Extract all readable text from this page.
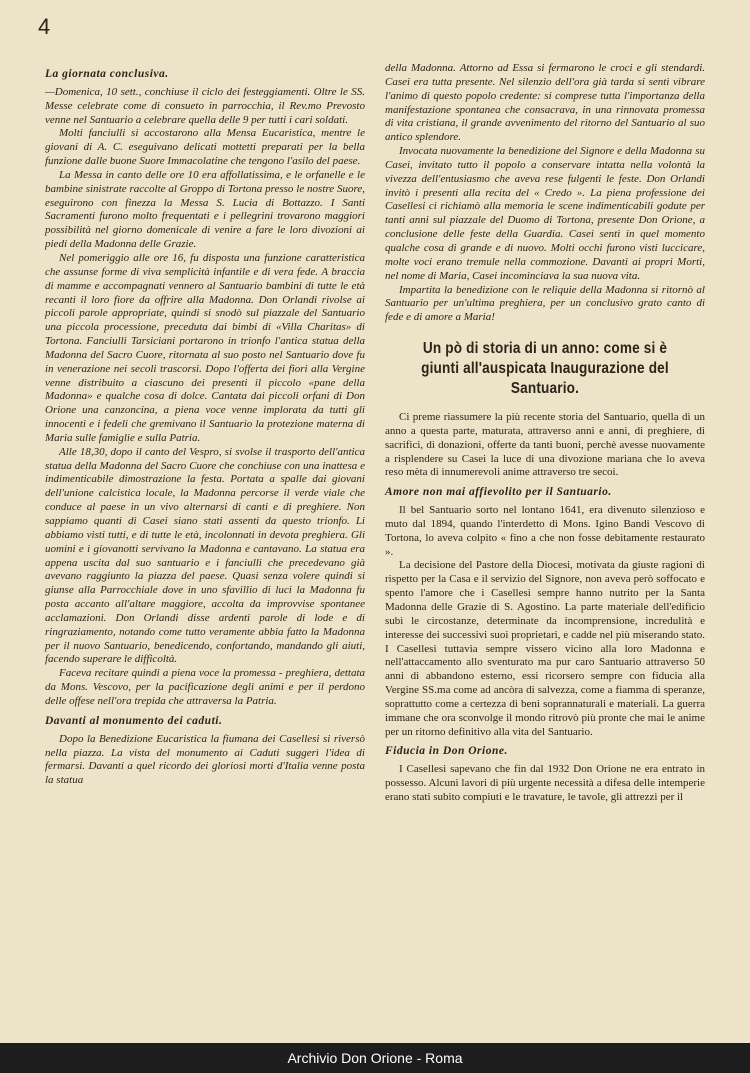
4
La giornata conclusiva.

—Domenica, 10 sett., conchiuse il ciclo dei festeggiamenti. Oltre le SS. Messe celebrate come di consueto in parrocchia, il Rev.mo Prevosto venne nel Santuario a celebrare quella delle 9 per tutti i cari soldati.

Molti fanciulli si accostarono alla Mensa Eucaristica, mentre le giovani di A. C. eseguivano delicati mottetti preparati per la bella funzione dalle buone Suore Immacolatine che tengono l'asilo del paese.

La Messa in canto delle ore 10 era affollatissima, e le orfanelle e le bambine sinistrate raccolte al Groppo di Tortona presso le nostre Suore, eseguirono con finezza la Messa S. Lucia di Bottazzo. I Santi Sacramenti furono molto frequentati e i pellegrini trovarono maggiori possibilità nel giorno domenicale di venire a fare le loro divozioni ai piedi della Madonna delle Grazie.

Nel pomeriggio alle ore 16, fu disposta una funzione caratteristica che assunse forme di viva semplicità infantile e di vera fede. A braccia di mamme e accompagnati vennero al Santuario bambini di tutte le età recanti il loro fiore da offrire alla Madonna. Don Orlandi rivolse ai piccoli parole appropriate, quindi si snodò sul piazzale del Santuario una piccola processione, preceduta dai bimbi di «Villa Charitas» di Tortona. Fanciulli Tarsiciani portarono in trionfo l'antica statua della Madonna del Sacro Cuore, ritornata al suo posto nel Santuario dove fu in venerazione nei secoli trascorsi. Dopo l'offerta dei fiori alla Vergine venne distribuito a ciascuno dei presenti il piccolo «pane della Madonna» e qualche cosa di dolce. Cantata dai piccoli orfani di Don Orione una canzoncina, a piena voce venne implorata da tutti gli innocenti e i fedeli che gremivano il Santuario la protezione materna di Maria sulle famiglie e sulla Patria.

Alle 18,30, dopo il canto del Vespro, si svolse il trasporto dell'antica statua della Madonna del Sacro Cuore che conchiuse con una inattesa e indimenticabile dimostrazione la festa. Portata a spalle dai giovani dell'unione calcistica locale, la Madonna percorse il verde viale che conduce al paese in un vivo alternarsi di canti e di preghiere. Non sappiamo quanti di Casei siano stati assenti da questo trionfo. Li abbiamo visti tutti, e di tutte le età, incolonnati in devota preghiera. Gli uomini e i giovanotti servivano la Madonna e cantavano. La statua era appena uscita dal suo santuario e i fanciulli che precedevano già avevano raggiunto la piazza del paese. Quasi senza volere quindi si giunse alla Parrocchiale dove in uno sfavillio di luci la Madonna fu posta accanto all'altare maggiore, accolta da improvvise spontanee acclamazioni. Don Orlandi disse ardenti parole di lode e di ringraziamento, notando come tutto veramente abbia fatto la Madonna per il nuovo Santuario, benedicendo, confortando, mandando gli aiuti, facendo superare le difficoltà.

Faceva recitare quindi a piena voce la promessa - preghiera, dettata da Mons. Vescovo, per la pacificazione degli animi e per il perdono delle offese nell'ora trepida che attraversa la Patria.

Davanti al monumento dei caduti.

Dopo la Benedizione Eucaristica la fiumana dei Casellesi si riversò nella piazza. La vista del monumento ai Caduti suggerì l'idea di fermarsi. Davanti a quel ricordo dei gloriosi morti d'Italia venne posta la statua

della Madonna. Attorno ad Essa si fermarono le croci e gli stendardi. Casei era tutta presente. Nel silenzio dell'ora già tarda si sentì vibrare l'animo di questo popolo credente: si comprese tutta l'importanza della manifestazione spontanea che consacrava, in una rinnovata promessa di vita cristiana, il grande avvenimento del ritorno del Santuario al suo antico splendore.

Invocata nuovamente la benedizione del Signore e della Madonna su Casei, invitato tutto il popolo a conservare intatta nella volontà la vivezza dell'entusiasmo che aveva rese fulgenti le feste. Don Orlandi invitò i presenti alla recita del « Credo ». La piena professione dei Casellesi ci richiamò alla memoria le scene indimenticabili godute per tanti anni sul piazzale del Duomo di Tortona, presente Don Orione, a conclusione delle feste della Guardia. Casei sentì in quel momento qualche cosa di grande e di nuovo. Molti occhi furono visti luccicare, molte voci erano tremule nella commozione. Davanti ai propri Morti, nel nome di Maria, Casei incominciava la sua nuova vita.

Impartita la benedizione con le reliquie della Madonna si ritornò al Santuario per un'ultima preghiera, per un conclusivo grato canto di fede e di amore a Maria!

Un pò di storia di un anno: come si è giunti all'auspicata Inaugurazione del Santuario.

Ci preme riassumere la più recente storia del Santuario, quella di un anno a questa parte, maturata, attraverso anni e anni, di preghiere, di sacrifici, di donazioni, offerte da tanti buoni, perchè avesse nuovamente a risplendere su Casei la luce di una divozione mariana che lo aveva reso mèta di innumerevoli anime attraverso tre secoi.

Amore non mai affievolito per il Santuario.

Il bel Santuario sorto nel lontano 1641, era divenuto silenzioso e muto dal 1894, quando l'interdetto di Mons. Igino Bandi Vescovo di Tortona, lo aveva colpito « fino a che non fosse debitamente restaurato ».

La decisione del Pastore della Diocesi, motivata da giuste ragioni di rispetto per la Casa e il servizio del Signore, non aveva però soffocato e spento l'amore che i Casellesi sempre hanno nutrito per la Santa Madonna delle Grazie di S. Agostino. La parte materiale dell'edificio subì le circostanze, determinate da incomprensione, incredulità e interesse dei successivi suoi proprietari, e cadde nel più miserando stato. I Casellesi tuttavia sempre vissero vicino alla loro Madonna e nell'attaccamento allo sventurato ma pur caro Santuario attraverso 50 anni di abbandono esterno, essi ricorsero sempre con fiducia alla Vergine SS.ma come ad ancòra di salvezza, come a fiamma di speranze, soprattutto come a certezza di beni soprannaturali e materiali. La guerra immane che ora sconvolge il mondo ritrovò più pronte che mai le anime per un ritorno definitivo alla vita del Santuario.

Fiducia in Don Orione.

I Casellesi sapevano che fin dal 1932 Don Orione ne era entrato in possesso. Alcuni lavori di più urgente necessità a difesa delle intemperie erano stati subito compiuti e le travature, le tavole, gli attrezzi per il

Archivio Don Orione - Roma
